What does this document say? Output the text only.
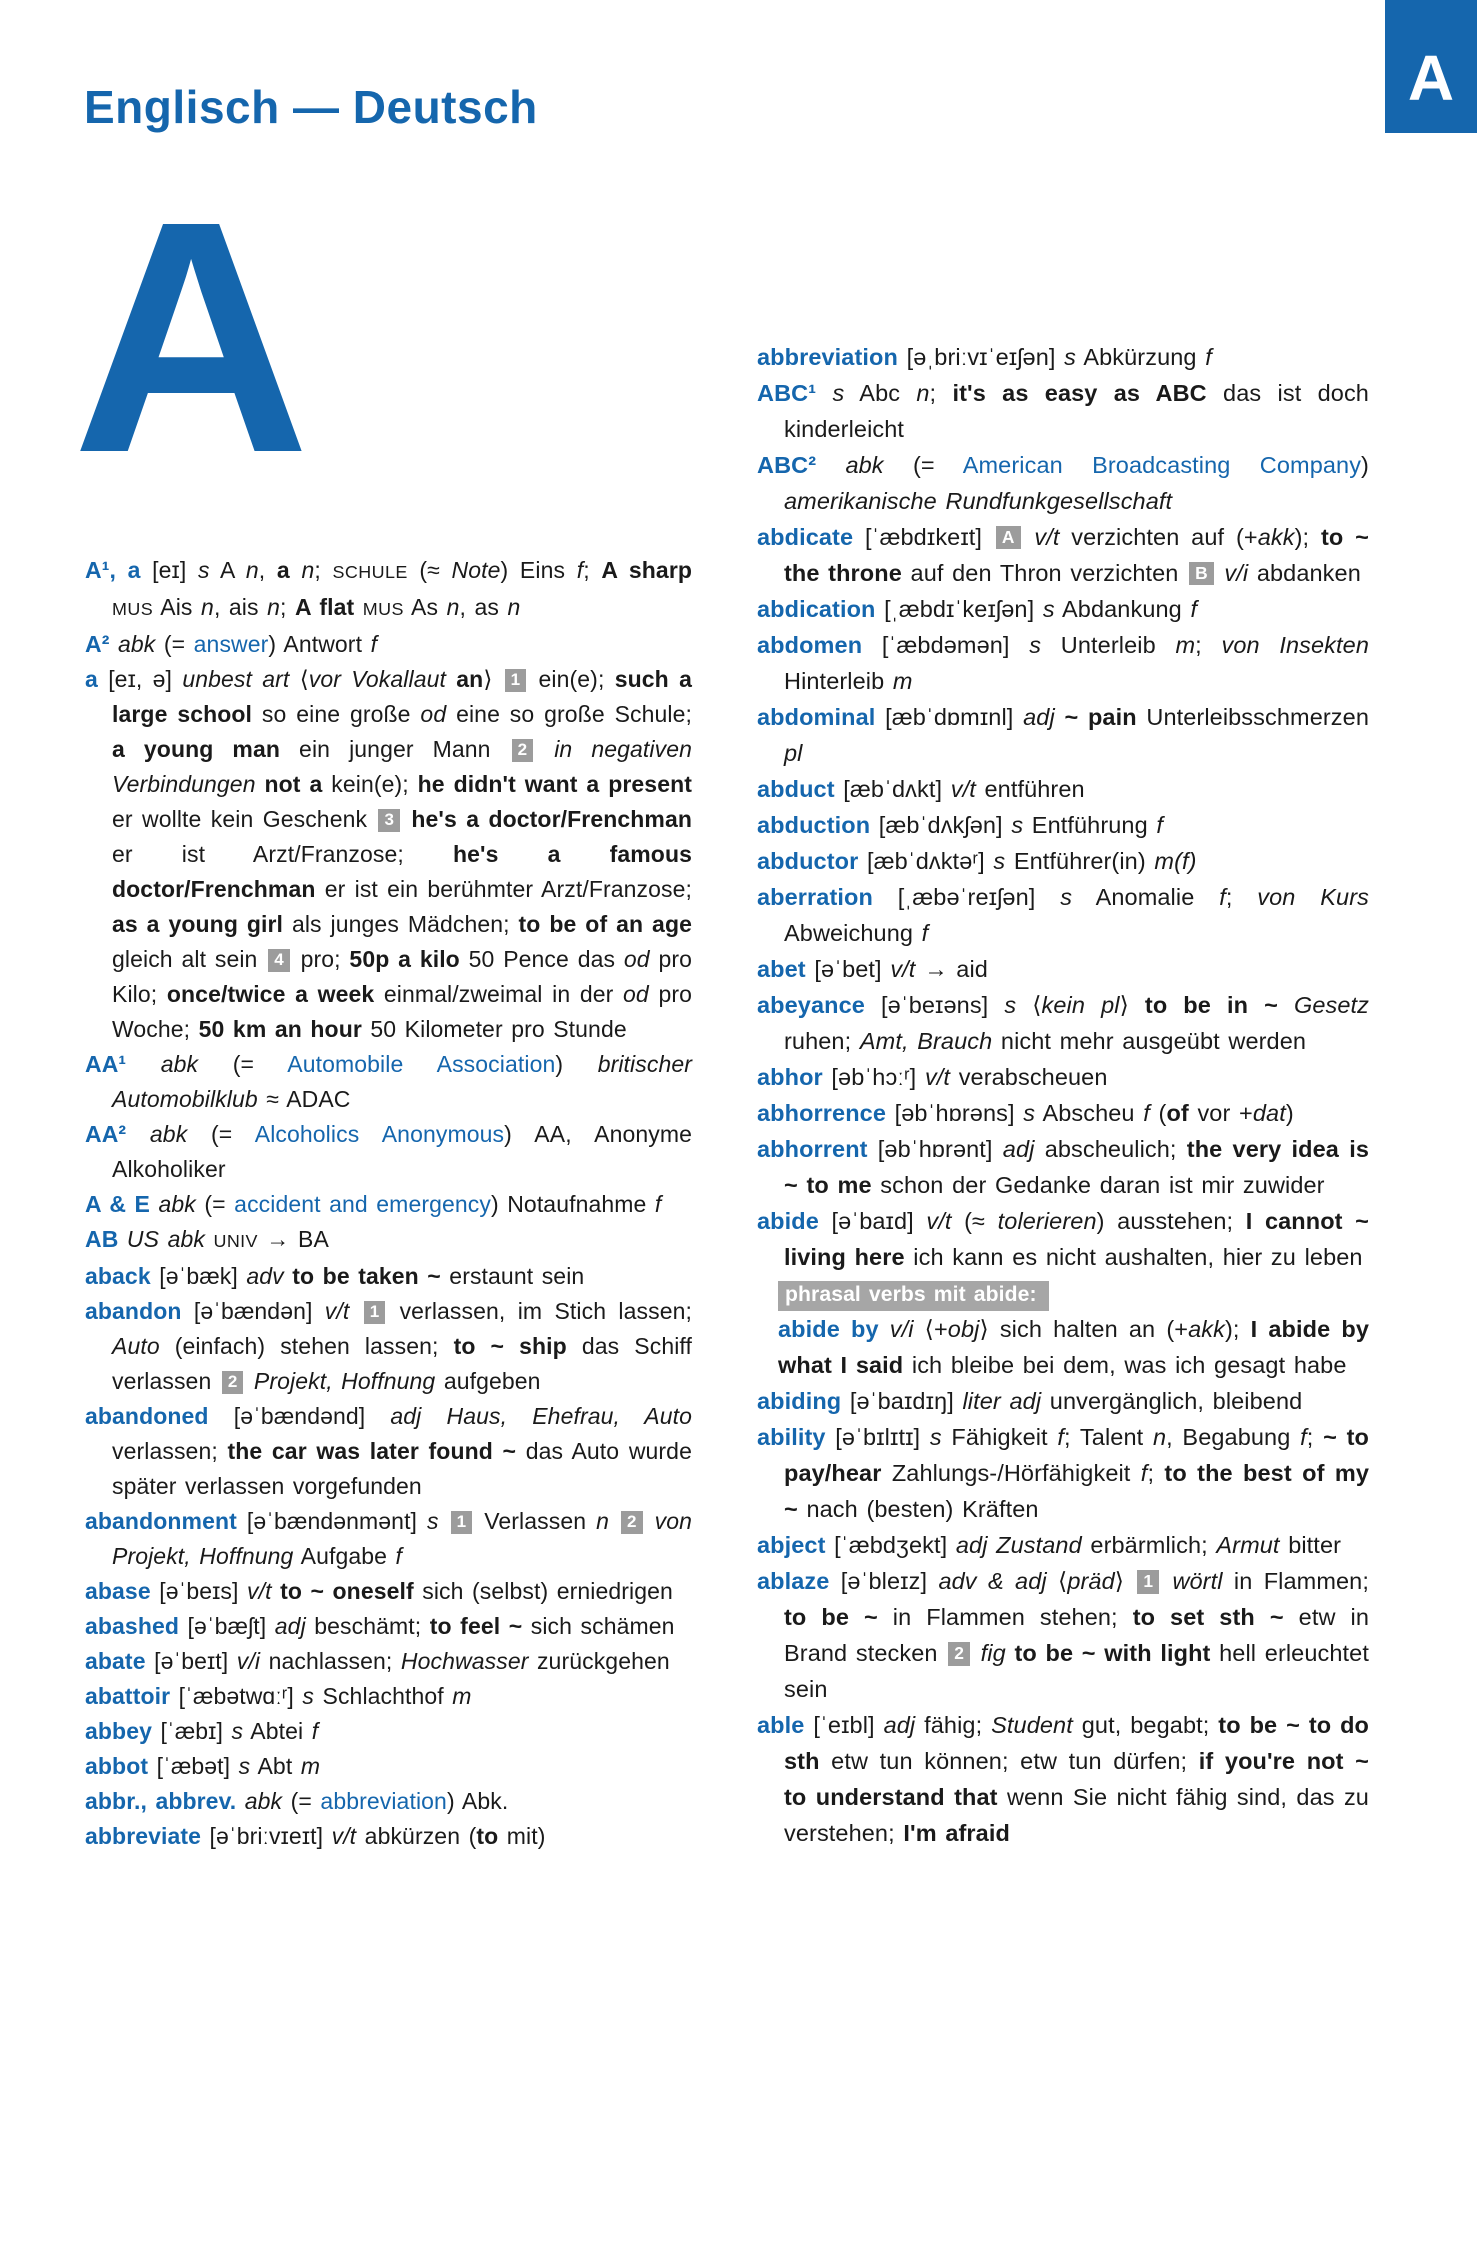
A
Englisch — Deutsch
A

A¹, a [eɪ] s A n, a n; SCHULE (≈ Note) Eins f; A sharp MUS Ais n, ais n; A flat MUS As n, as n

A² abk (= answer) Antwort f

a [eɪ, ə] unbest art ⟨vor Vokallaut an⟩ 1 ein(e); such a large school so eine große od eine so große Schule; a young man ein junger Mann 2 in negativen Verbindungen not a kein(e); he didn't want a present er wollte kein Geschenk 3 he's a doctor/Frenchman er ist Arzt/Franzose; he's a famous doctor/Frenchman er ist ein berühmter Arzt/Franzose; as a young girl als junges Mädchen; to be of an age gleich alt sein 4 pro; 50p a kilo 50 Pence das od pro Kilo; once/twice a week einmal/zweimal in der od pro Woche; 50 km an hour 50 Kilometer pro Stunde

AA¹ abk (= Automobile Association) britischer Automobilklub ≈ ADAC

AA² abk (= Alcoholics Anonymous) AA, Anonyme Alkoholiker

A & E abk (= accident and emergency) Notaufnahme f

AB US abk UNIV → BA

aback [əˈbæk] adv to be taken ~ erstaunt sein

abandon [əˈbændən] v/t 1 verlassen, im Stich lassen; Auto (einfach) stehen lassen; to ~ ship das Schiff verlassen 2 Projekt, Hoffnung aufgeben

abandoned [əˈbændənd] adj Haus, Ehefrau, Auto verlassen; the car was later found ~ das Auto wurde später verlassen vorgefunden

abandonment [əˈbændənmənt] s 1 Verlassen n 2 von Projekt, Hoffnung Aufgabe f

abase [əˈbeɪs] v/t to ~ oneself sich (selbst) erniedrigen

abashed [əˈbæʃt] adj beschämt; to feel ~ sich schämen

abate [əˈbeɪt] v/i nachlassen; Hochwasser zurückgehen

abattoir [ˈæbətwɑːʳ] s Schlachthof m

abbey [ˈæbɪ] s Abtei f

abbot [ˈæbət] s Abt m

abbr., abbrev. abk (= abbreviation) Abk.

abbreviate [əˈbriːvɪeɪt] v/t abkürzen (to mit)

abbreviation [əˌbriːvɪˈeɪʃən] s Abkürzung f

ABC¹ s Abc n; it's as easy as ABC das ist doch kinderleicht

ABC² abk (= American Broadcasting Company) amerikanische Rundfunkgesellschaft

abdicate [ˈæbdɪkeɪt] A v/t verzichten auf (+akk); to ~ the throne auf den Thron verzichten B v/i abdanken

abdication [ˌæbdɪˈkeɪʃən] s Abdankung f

abdomen [ˈæbdəmən] s Unterleib m; von Insekten Hinterleib m

abdominal [æbˈdɒmɪnl] adj ~ pain Unterleibsschmerzen pl

abduct [æbˈdʌkt] v/t entführen

abduction [æbˈdʌkʃən] s Entführung f

abductor [æbˈdʌktəʳ] s Entführer(in) m(f)

aberration [ˌæbəˈreɪʃən] s Anomalie f; von Kurs Abweichung f

abet [əˈbet] v/t → aid

abeyance [əˈbeɪəns] s ⟨kein pl⟩ to be in ~ Gesetz ruhen; Amt, Brauch nicht mehr ausgeübt werden

abhor [əbˈhɔːʳ] v/t verabscheuen

abhorrence [əbˈhɒrəns] s Abscheu f (of vor +dat)

abhorrent [əbˈhɒrənt] adj abscheulich; the very idea is ~ to me schon der Gedanke daran ist mir zuwider

abide [əˈbaɪd] v/t (≈ tolerieren) ausstehen; I cannot ~ living here ich kann es nicht aushalten, hier zu leben

phrasal verbs mit abide:

abide by v/i ⟨+obj⟩ sich halten an (+akk); I abide by what I said ich bleibe bei dem, was ich gesagt habe

abiding [əˈbaɪdɪŋ] liter adj unvergänglich, bleibend

ability [əˈbɪlɪtɪ] s Fähigkeit f; Talent n, Begabung f; ~ to pay/hear Zahlungs-/Hörfähigkeit f; to the best of my ~ nach (besten) Kräften

abject [ˈæbdʒekt] adj Zustand erbärmlich; Armut bitter

ablaze [əˈbleɪz] adv & adj ⟨präd⟩ 1 wörtl in Flammen; to be ~ in Flammen stehen; to set sth ~ etw in Brand stecken 2 fig to be ~ with light hell erleuchtet sein

able [ˈeɪbl] adj fähig; Student gut, begabt; to be ~ to do sth etw tun können; etw tun dürfen; if you're not ~ to understand that wenn Sie nicht fähig sind, das zu verstehen; I'm afraid
